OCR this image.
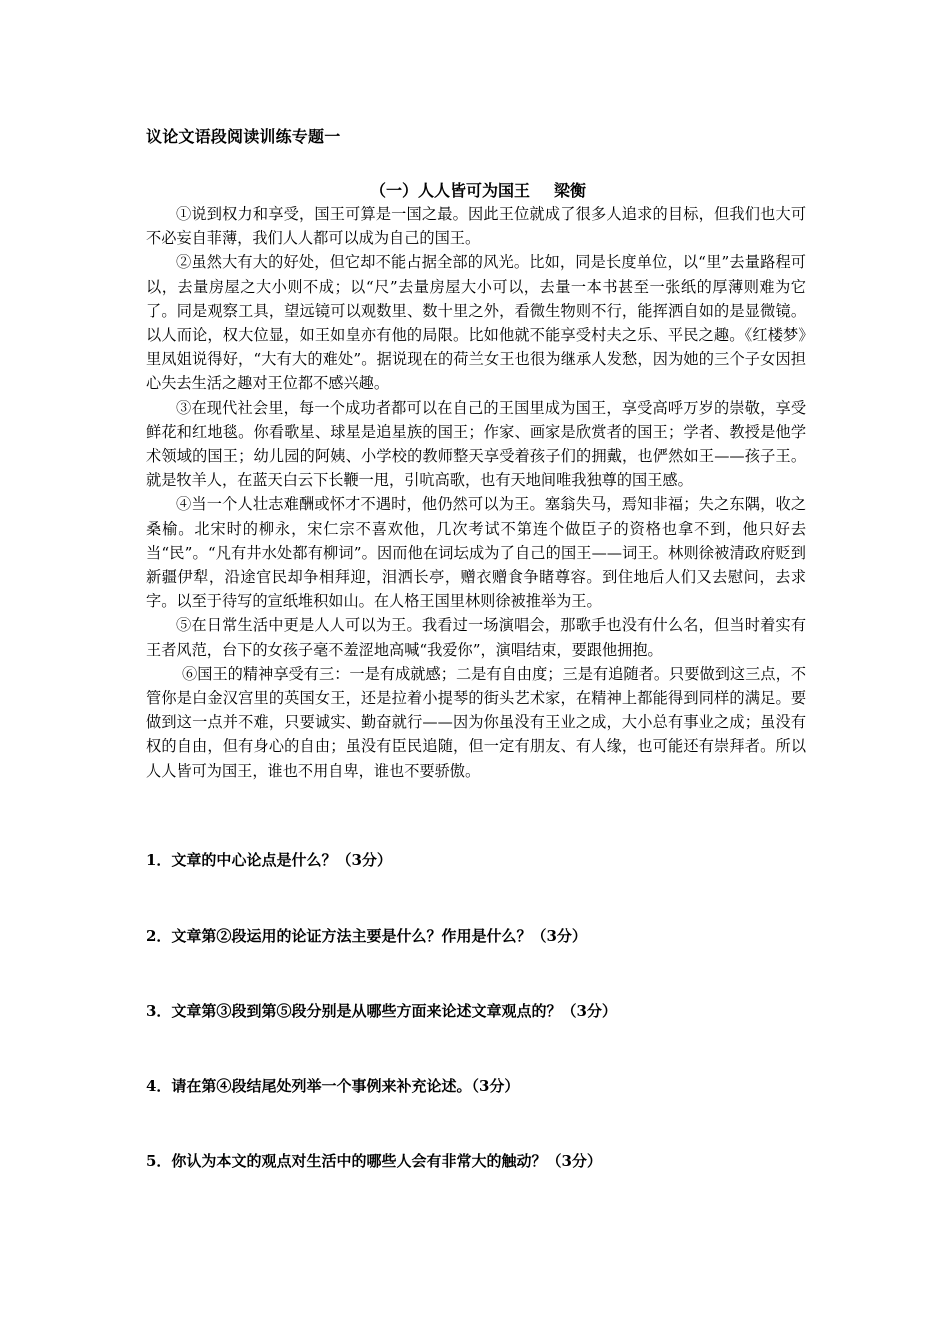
议论文语段阅读训练专题一
（一）人人皆可为国王 梁衡

①说到权力和享受，国王可算是一国之最。因此王位就成了很多人追求的目标，但我们也大可不必妄自菲薄，我们人人都可以成为自己的国王。

②虽然大有大的好处，但它却不能占据全部的风光。比如，同是长度单位，以“里”去量路程可以，去量房屋之大小则不成；以“尺”去量房屋大小可以，去量一本书甚至一张纸的厚薄则难为它了。同是观察工具，望远镜可以观数里、数十里之外，看微生物则不行，能挥洒自如的是显微镜。以人而论，权大位显，如王如皇亦有他的局限。比如他就不能享受村夫之乐、平民之趣。《红楼梦》里凤姐说得好，“大有大的难处”。据说现在的荷兰女王也很为继承人发愁，因为她的三个子女因担心失去生活之趣对王位都不感兴趣。

③在现代社会里，每一个成功者都可以在自己的王国里成为国王，享受高呼万岁的崇敬，享受鲜花和红地毯。你看歌星、球星是追星族的国王；作家、画家是欣赏者的国王；学者、教授是他学术领域的国王；幼儿园的阿姨、小学校的教师整天享受着孩子们的拥戴，也俨然如王——孩子王。就是牧羊人，在蓝天白云下长鞭一甩，引吭高歌，也有天地间唯我独尊的国王感。

④当一个人壮志难酬或怀才不遇时，他仍然可以为王。塞翁失马，焉知非福；失之东隅，收之桑榆。北宋时的柳永，宋仁宗不喜欢他，几次考试不第连个做臣子的资格也拿不到，他只好去当“民”。“凡有井水处都有柳词”。因而他在词坛成为了自己的国王——词王。林则徐被清政府贬到新疆伊犁，沿途官民却争相拜迎，泪洒长亭，赠衣赠食争睹尊容。到住地后人们又去慰问，去求字。以至于待写的宣纸堆积如山。在人格王国里林则徐被推举为王。

⑤在日常生活中更是人人可以为王。我看过一场演唱会，那歌手也没有什么名，但当时着实有王者风范，台下的女孩子毫不羞涩地高喊“我爱你”，演唱结束，要跟他拥抱。

⑥国王的精神享受有三：一是有成就感；二是有自由度；三是有追随者。只要做到这三点，不管你是白金汉宫里的英国女王，还是拉着小提琴的街头艺术家，在精神上都能得到同样的满足。要做到这一点并不难，只要诚实、勤奋就行——因为你虽没有王业之成，大小总有事业之成；虽没有权的自由，但有身心的自由；虽没有臣民追随，但一定有朋友、有人缘，也可能还有崇拜者。所以人人皆可为国王，谁也不用自卑，谁也不要骄傲。

1．文章的中心论点是什么？（3分）
2．文章第②段运用的论证方法主要是什么？作用是什么？（3分）
3．文章第③段到第⑤段分别是从哪些方面来论述文章观点的？（3分）
4．请在第④段结尾处列举一个事例来补充论述。（3分）
5．你认为本文的观点对生活中的哪些人会有非常大的触动？（3分）
